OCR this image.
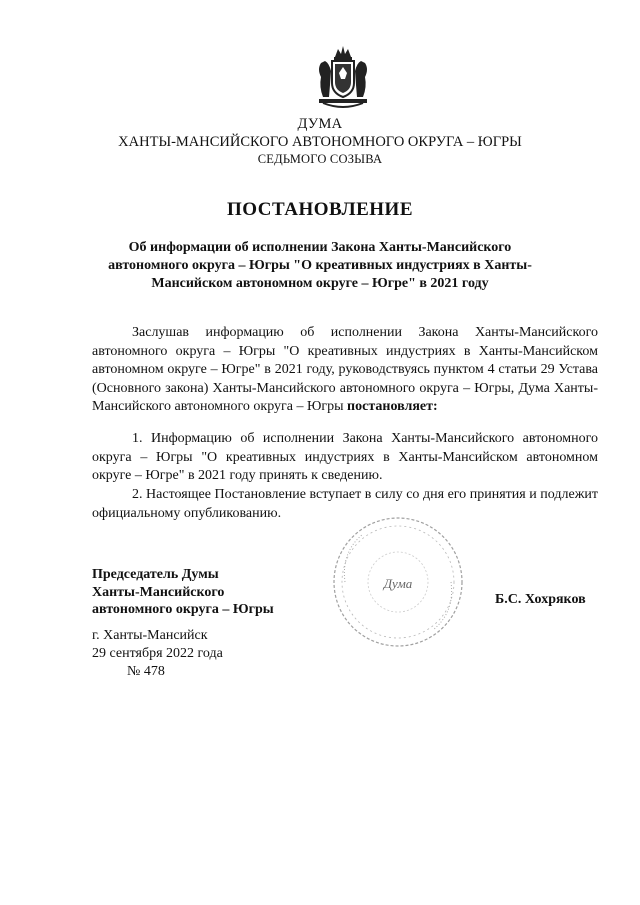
ДУМА
ХАНТЫ-МАНСИЙСКОГО АВТОНОМНОГО ОКРУГА – ЮГРЫ
СЕДЬМОГО СОЗЫВА
ПОСТАНОВЛЕНИЕ
Об информации об исполнении Закона Ханты-Мансийского автономного округа – Югры "О креативных индустриях в Ханты-Мансийском автономном округе – Югре" в 2021 году
Заслушав информацию об исполнении Закона Ханты-Мансийского автономного округа – Югры "О креативных индустриях в Ханты-Мансийском автономном округе – Югре" в 2021 году, руководствуясь пунктом 4 статьи 29 Устава (Основного закона) Ханты-Мансийского автономного округа – Югры, Дума Ханты-Мансийского автономного округа – Югры постановляет:
1. Информацию об исполнении Закона Ханты-Мансийского автономного округа – Югры "О креативных индустриях в Ханты-Мансийском автономном округе – Югре" в 2021 году принять к сведению.
2. Настоящее Постановление вступает в силу со дня его принятия и подлежит официальному опубликованию.
Дума
Председатель Думы
Ханты-Мансийского
автономного округа – Югры
Б.С. Хохряков
г. Ханты-Мансийск
29 сентября 2022 года
№ 478
